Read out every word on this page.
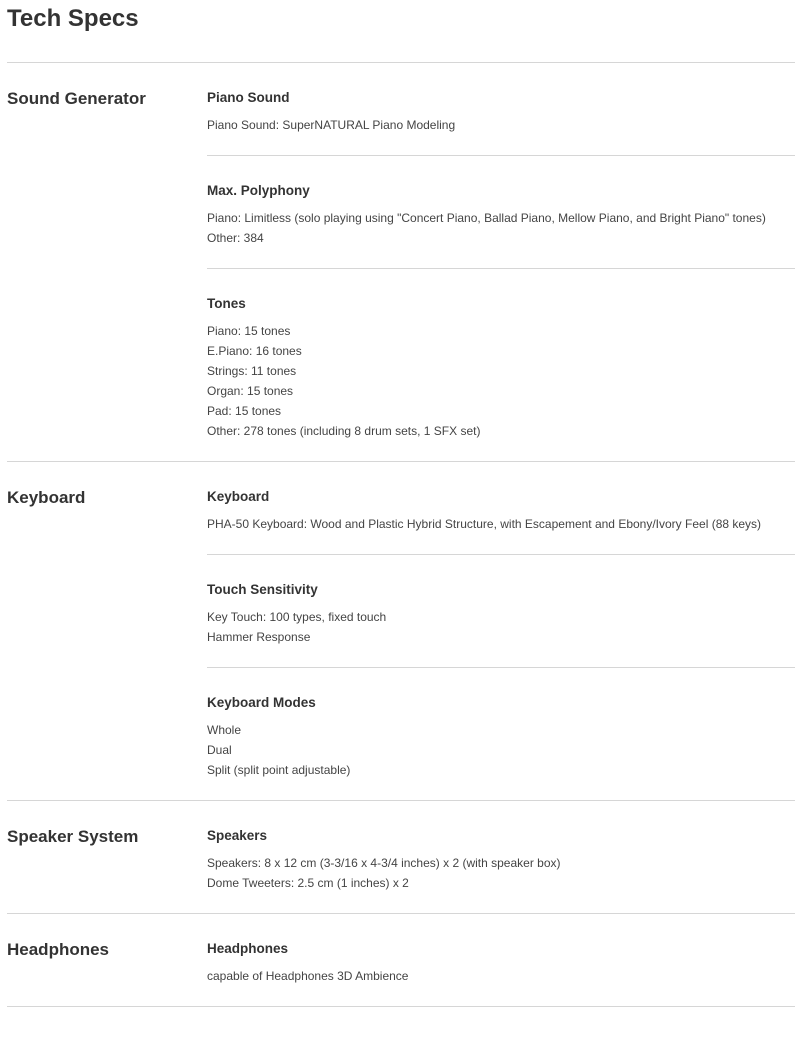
Tech Specs
Sound Generator	Piano Sound
Piano Sound: SuperNATURAL Piano Modeling
Max. Polyphony
Piano: Limitless (solo playing using "Concert Piano, Ballad Piano, Mellow Piano, and Bright Piano" tones)
Other: 384
Tones
Piano: 15 tones
E.Piano: 16 tones
Strings: 11 tones
Organ: 15 tones
Pad: 15 tones
Other: 278 tones (including 8 drum sets, 1 SFX set)
Keyboard	Keyboard
PHA-50 Keyboard: Wood and Plastic Hybrid Structure, with Escapement and Ebony/Ivory Feel (88 keys)
Touch Sensitivity
Key Touch: 100 types, fixed touch
Hammer Response
Keyboard Modes
Whole
Dual
Split (split point adjustable)
Speaker System	Speakers
Speakers: 8 x 12 cm (3-3/16 x 4-3/4 inches) x 2 (with speaker box)
Dome Tweeters: 2.5 cm (1 inches) x 2
Headphones	Headphones
capable of Headphones 3D Ambience
